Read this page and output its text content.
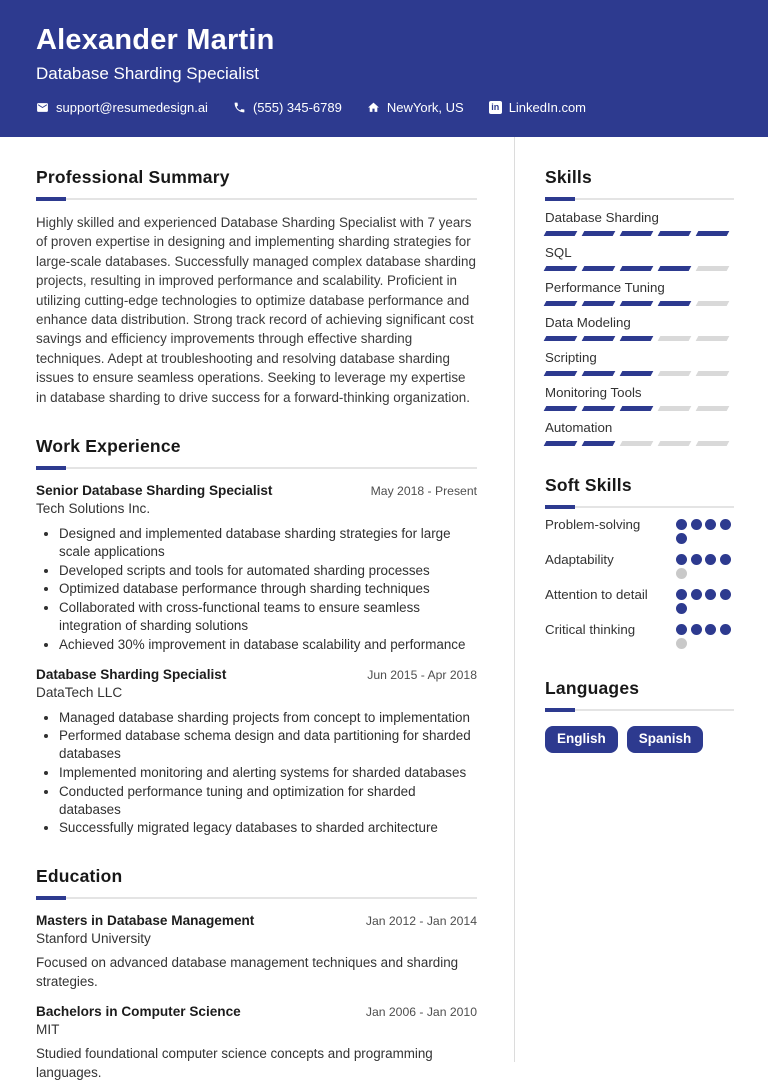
Alexander Martin
Database Sharding Specialist
support@resumedesign.ai	(555) 345-6789	NewYork, US	in LinkedIn.com
Professional Summary

Highly skilled and experienced Database Sharding Specialist with 7 years of proven expertise in designing and implementing sharding strategies for large-scale databases. Successfully managed complex database sharding projects, resulting in improved performance and scalability. Proficient in utilizing cutting-edge technologies to optimize database performance and enhance data distribution. Strong track record of achieving significant cost savings and efficiency improvements through effective sharding techniques. Adept at troubleshooting and resolving database sharding issues to ensure seamless operations. Seeking to leverage my expertise in database sharding to drive success for a forward-thinking organization.

Work Experience
Senior Database Sharding Specialist	May 2018 - Present
Tech Solutions Inc.
• Designed and implemented database sharding strategies for large scale applications
• Developed scripts and tools for automated sharding processes
• Optimized database performance through sharding techniques
• Collaborated with cross-functional teams to ensure seamless integration of sharding solutions
• Achieved 30% improvement in database scalability and performance
Database Sharding Specialist	Jun 2015 - Apr 2018
DataTech LLC
• Managed database sharding projects from concept to implementation
• Performed database schema design and data partitioning for sharded databases
• Implemented monitoring and alerting systems for sharded databases
• Conducted performance tuning and optimization for sharded databases
• Successfully migrated legacy databases to sharded architecture
Education
Masters in Database Management	Jan 2012 - Jan 2014
Stanford University

Focused on advanced database management techniques and sharding strategies.

Bachelors in Computer Science	Jan 2006 - Jan 2010
MIT

Studied foundational computer science concepts and programming languages.

Skills
Database Sharding
SQL
Performance Tuning
Data Modeling
Scripting
Monitoring Tools
Automation
Soft Skills
Problem-solving
Adaptability
Attention to detail
Critical thinking
Languages
English	Spanish
